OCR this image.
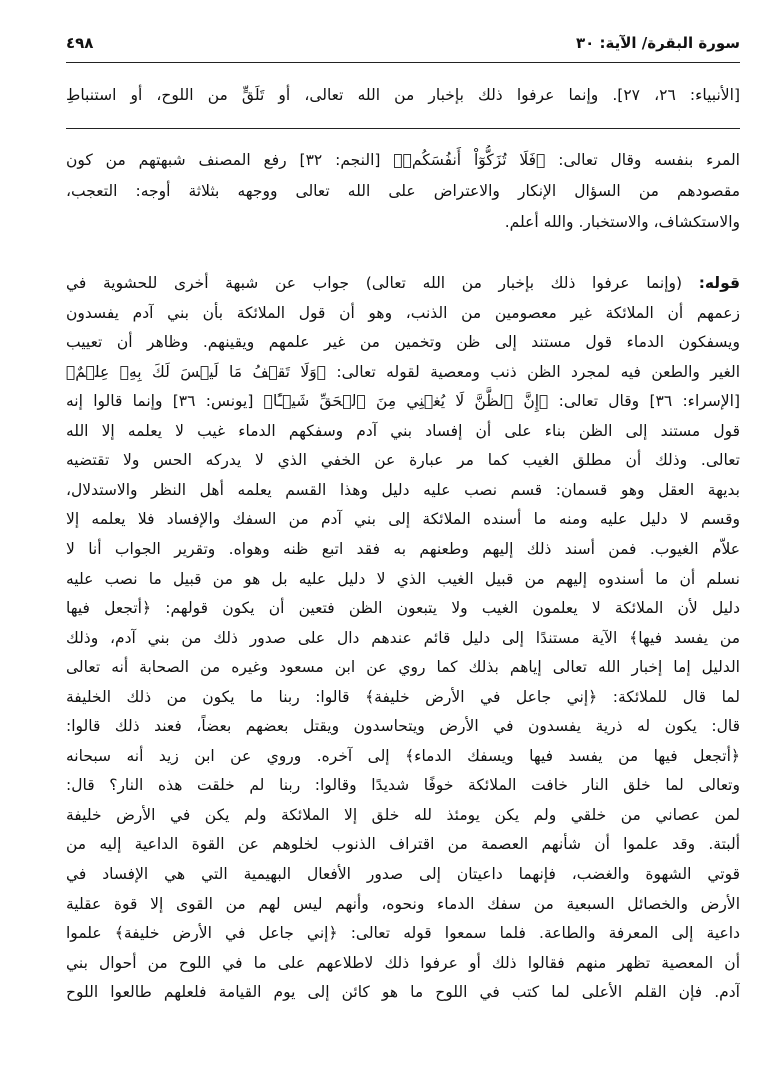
٤٩٨	سورة البقرة/ الآية: ٣٠
[الأنبياء: ٢٦، ٢٧]. وإنما عرفوا ذلك بإخبار من الله تعالى، أو تَلَقٍّ من اللوح، أو استنباطِ
المرء بنفسه وقال تعالى: ﴿فَلَا تُزَكُّوٓاْ أَنفُسَكُمۡ﴾ [النجم: ٣٢] رفع المصنف شبهتهم من كون
مقصودهم من السؤال الإنكار والاعتراض على الله تعالى ووجهه بثلاثة أوجه: التعجب،
والاستكشاف، والاستخبار. والله أعلم.
قوله: (وإنما عرفوا ذلك بإخبار من الله تعالى) جواب عن شبهة أخرى للحشوية في
زعمهم أن الملائكة غير معصومين من الذنب، وهو أن قول الملائكة بأن بني آدم يفسدون
ويسفكون الدماء قول مستند إلى ظن وتخمين من غير علمهم ويقينهم. وظاهر أن تعييب
الغير والطعن فيه لمجرد الظن ذنب ومعصية لقوله تعالى: ﴿وَلَا تَقۡفُ مَا لَيۡسَ لَكَ بِهِۦ عِلۡمٌ﴾
[الإسراء: ٣٦] وقال تعالى: ﴿إِنَّ ٱلظَّنَّ لَا يُغۡنِي مِنَ ٱلۡحَقِّ شَيۡـًٔا﴾ [يونس: ٣٦] وإنما قالوا إنه
قول مستند إلى الظن بناء على أن إفساد بني آدم وسفكهم الدماء غيب لا يعلمه إلا الله
تعالى. وذلك أن مطلق الغيب كما مر عبارة عن الخفي الذي لا يدركه الحس ولا تقتضيه
بديهة العقل وهو قسمان: قسم نصب عليه دليل وهذا القسم يعلمه أهل النظر والاستدلال،
وقسم لا دليل عليه ومنه ما أسنده الملائكة إلى بني آدم من السفك والإفساد فلا يعلمه إلا
علاّم الغيوب. فمن أسند ذلك إليهم وطعنهم به فقد اتبع ظنه وهواه. وتقرير الجواب أنا لا
نسلم أن ما أسندوه إليهم من قبيل الغيب الذي لا دليل عليه بل هو من قبيل ما نصب عليه
دليل لأن الملائكة لا يعلمون الغيب ولا يتبعون الظن فتعين أن يكون قولهم: ﴿أتجعل فيها
من يفسد فيها﴾ الآية مستندًا إلى دليل قائم عندهم دال على صدور ذلك من بني آدم، وذلك
الدليل إما إخبار الله تعالى إياهم بذلك كما روي عن ابن مسعود وغيره من الصحابة أنه تعالى
لما قال للملائكة: ﴿إني جاعل في الأرض خليفة﴾ قالوا: ربنا ما يكون من ذلك الخليفة
قال: يكون له ذرية يفسدون في الأرض ويتحاسدون ويقتل بعضهم بعضاً، فعند ذلك قالوا:
﴿أتجعل فيها من يفسد فيها ويسفك الدماء﴾ إلى آخره. وروي عن ابن زيد أنه سبحانه
وتعالى لما خلق النار خافت الملائكة خوفًا شديدًا وقالوا: ربنا لم خلقت هذه النار؟ قال:
لمن عصاني من خلقي ولم يكن يومئذ لله خلق إلا الملائكة ولم يكن في الأرض خليفة
ألبتة. وقد علموا أن شأنهم العصمة من اقتراف الذنوب لخلوهم عن القوة الداعية إليه من
قوتي الشهوة والغضب، فإنهما داعيتان إلى صدور الأفعال البهيمية التي هي الإفساد في
الأرض والخصائل السبعية من سفك الدماء ونحوه، وأنهم ليس لهم من القوى إلا قوة عقلية
داعية إلى المعرفة والطاعة. فلما سمعوا قوله تعالى: ﴿إني جاعل في الأرض خليفة﴾ علموا
أن المعصية تظهر منهم فقالوا ذلك أو عرفوا ذلك لاطلاعهم على ما في اللوح من أحوال بني
آدم. فإن القلم الأعلى لما كتب في اللوح ما هو كائن إلى يوم القيامة فلعلهم طالعوا اللوح
